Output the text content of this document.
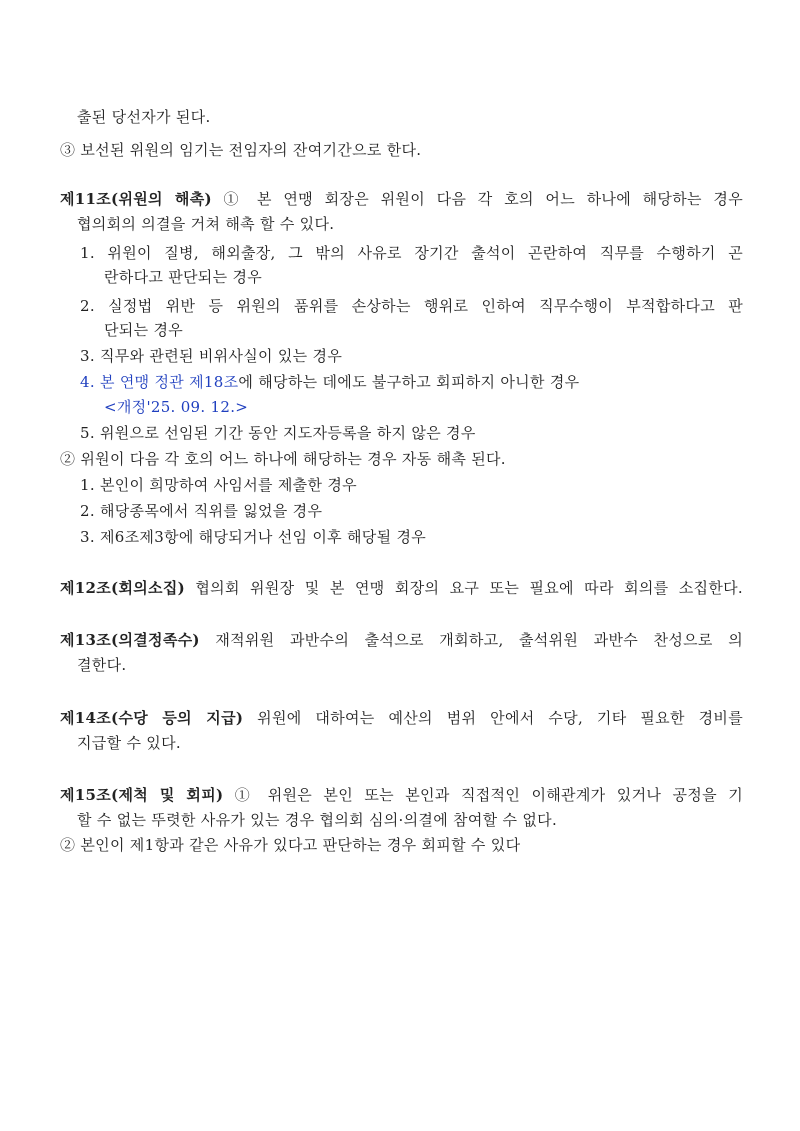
출된 당선자가 된다.
③ 보선된 위원의 임기는 전임자의 잔여기간으로 한다.
제11조(위원의 해촉) ① 본 연맹 회장은 위원이 다음 각 호의 어느 하나에 해당하는 경우
협의회의 의결을 거쳐 해촉 할 수 있다.
1. 위원이 질병, 해외출장, 그 밖의 사유로 장기간 출석이 곤란하여 직무를 수행하기 곤
란하다고 판단되는 경우
2. 실정법 위반 등 위원의 품위를 손상하는 행위로 인하여 직무수행이 부적합하다고 판
단되는 경우
3. 직무와 관련된 비위사실이 있는 경우
4. 본 연맹 정관 제18조에 해당하는 데에도 불구하고 회피하지 아니한 경우
<개정'25. 09. 12.>
5. 위원으로 선임된 기간 동안 지도자등록을 하지 않은 경우
② 위원이 다음 각 호의 어느 하나에 해당하는 경우 자동 해촉 된다.
1. 본인이 희망하여 사임서를 제출한 경우
2. 해당종목에서 직위를 잃었을 경우
3. 제6조제3항에 해당되거나 선임 이후 해당될 경우
제12조(회의소집) 협의회 위원장 및 본 연맹 회장의 요구 또는 필요에 따라 회의를 소집한다.
제13조(의결정족수) 재적위원 과반수의 출석으로 개회하고, 출석위원 과반수 찬성으로 의
결한다.
제14조(수당 등의 지급) 위원에 대하여는 예산의 범위 안에서 수당, 기타 필요한 경비를
지급할 수 있다.
제15조(제척 및 회피) ① 위원은 본인 또는 본인과 직접적인 이해관계가 있거나 공정을 기
할 수 없는 뚜렷한 사유가 있는 경우 협의회 심의·의결에 참여할 수 없다.
② 본인이 제1항과 같은 사유가 있다고 판단하는 경우 회피할 수 있다
